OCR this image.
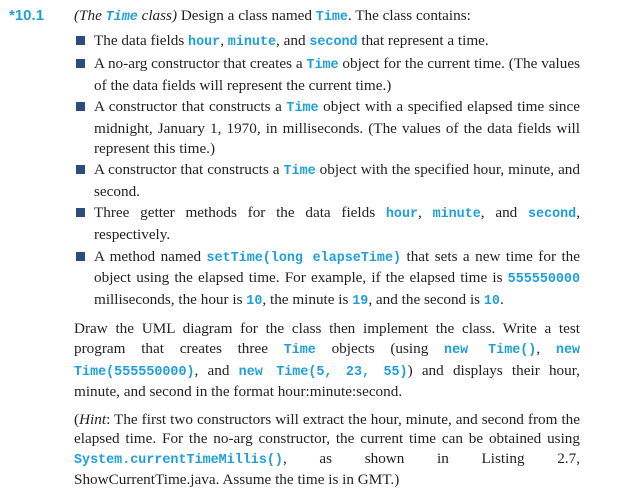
*10.1 (The Time class) Design a class named Time. The class contains:

The data fields hour, minute, and second that represent a time.
A no-arg constructor that creates a Time object for the current time. (The values of the data fields will represent the current time.)
A constructor that constructs a Time object with a specified elapsed time since midnight, January 1, 1970, in milliseconds. (The values of the data fields will represent this time.)
A constructor that constructs a Time object with the specified hour, minute, and second.
Three getter methods for the data fields hour, minute, and second, respectively.
A method named setTime(long elapseTime) that sets a new time for the object using the elapsed time. For example, if the elapsed time is 555550000 milliseconds, the hour is 10, the minute is 19, and the second is 10.

Draw the UML diagram for the class then implement the class. Write a test program that creates three Time objects (using new Time(), new Time(555550000), and new Time(5, 23, 55)) and displays their hour, minute, and second in the format hour:minute:second.

(Hint: The first two constructors will extract the hour, minute, and second from the elapsed time. For the no-arg constructor, the current time can be obtained using System.currentTimeMillis(), as shown in Listing 2.7, ShowCurrentTime.java. Assume the time is in GMT.)
